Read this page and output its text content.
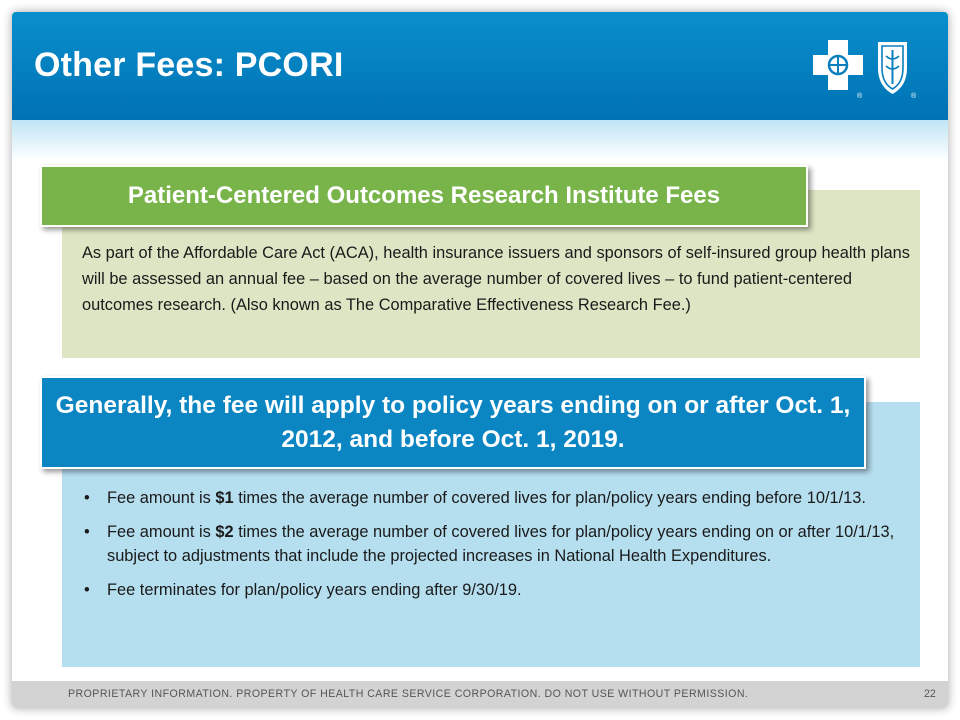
Other Fees: PCORI
®	®
Patient-Centered Outcomes Research Institute Fees
As part of the Affordable Care Act (ACA), health insurance issuers and sponsors of self-insured group health plans will be assessed an annual fee – based on the average number of covered lives – to fund patient-centered outcomes research. (Also known as The Comparative Effectiveness Research Fee.)
Generally, the fee will apply to policy years ending on or after Oct. 1, 2012, and before Oct. 1, 2019.
• Fee amount is $1 times the average number of covered lives for plan/policy years ending before 10/1/13.
• Fee amount is $2 times the average number of covered lives for plan/policy years ending on or after 10/1/13, subject to adjustments that include the projected increases in National Health Expenditures.
• Fee terminates for plan/policy years ending after 9/30/19.
PROPRIETARY INFORMATION. PROPERTY OF HEALTH CARE SERVICE CORPORATION. DO NOT USE WITHOUT PERMISSION.	22
